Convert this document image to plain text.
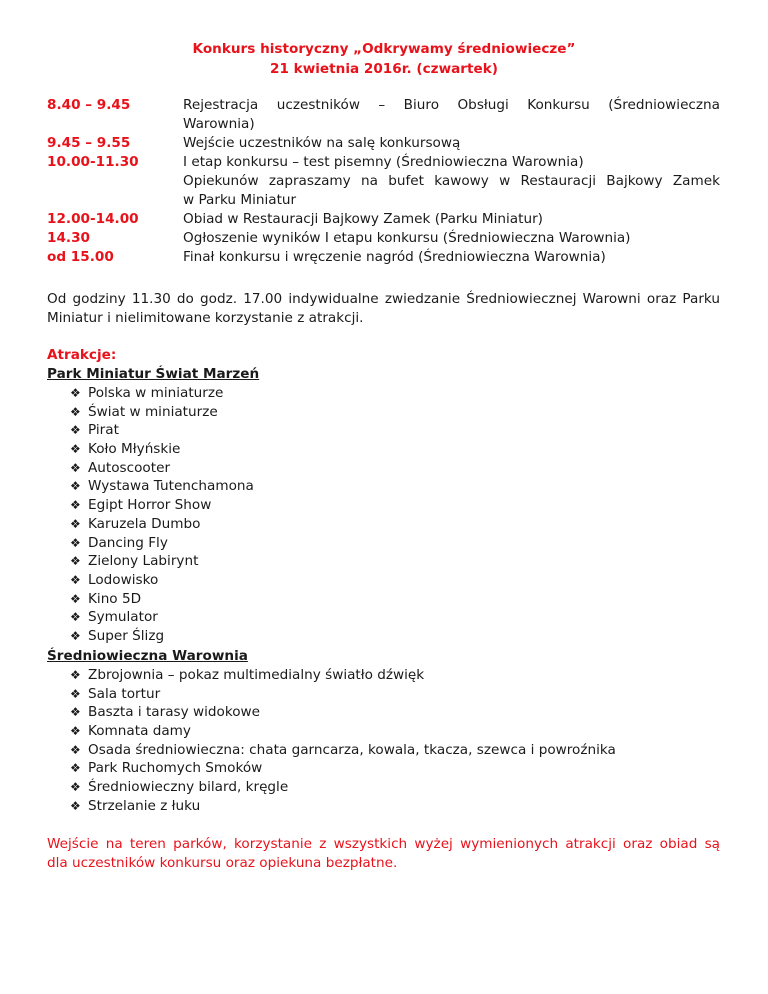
Konkurs historyczny „Odkrywamy średniowiecze”
21 kwietnia 2016r. (czwartek)
8.40 – 9.45	Rejestracja uczestników – Biuro Obsługi Konkursu (Średniowieczna
Warownia)
9.45 – 9.55	Wejście uczestników na salę konkursową
10.00-11.30	I etap konkursu – test pisemny (Średniowieczna Warownia)
Opiekunów zapraszamy na bufet kawowy w Restauracji Bajkowy Zamek
w Parku Miniatur
12.00-14.00	Obiad w Restauracji Bajkowy Zamek (Parku Miniatur)
14.30	Ogłoszenie wyników I etapu konkursu (Średniowieczna Warownia)
od 15.00	Finał konkursu i wręczenie nagród (Średniowieczna Warownia)
Od godziny 11.30 do godz. 17.00 indywidualne zwiedzanie Średniowiecznej Warowni oraz Parku
Miniatur i nielimitowane korzystanie z atrakcji.
Atrakcje:
Park Miniatur Świat Marzeń
❖ Polska w miniaturze
❖ Świat w miniaturze
❖ Pirat
❖ Koło Młyńskie
❖ Autoscooter
❖ Wystawa Tutenchamona
❖ Egipt Horror Show
❖ Karuzela Dumbo
❖ Dancing Fly
❖ Zielony Labirynt
❖ Lodowisko
❖ Kino 5D
❖ Symulator
❖ Super Ślizg
Średniowieczna Warownia
❖ Zbrojownia – pokaz multimedialny światło dźwięk
❖ Sala tortur
❖ Baszta i tarasy widokowe
❖ Komnata damy
❖ Osada średniowieczna: chata garncarza, kowala, tkacza, szewca i powroźnika
❖ Park Ruchomych Smoków
❖ Średniowieczny bilard, kręgle
❖ Strzelanie z łuku
Wejście na teren parków, korzystanie z wszystkich wyżej wymienionych atrakcji oraz obiad są
dla uczestników konkursu oraz opiekuna bezpłatne.
